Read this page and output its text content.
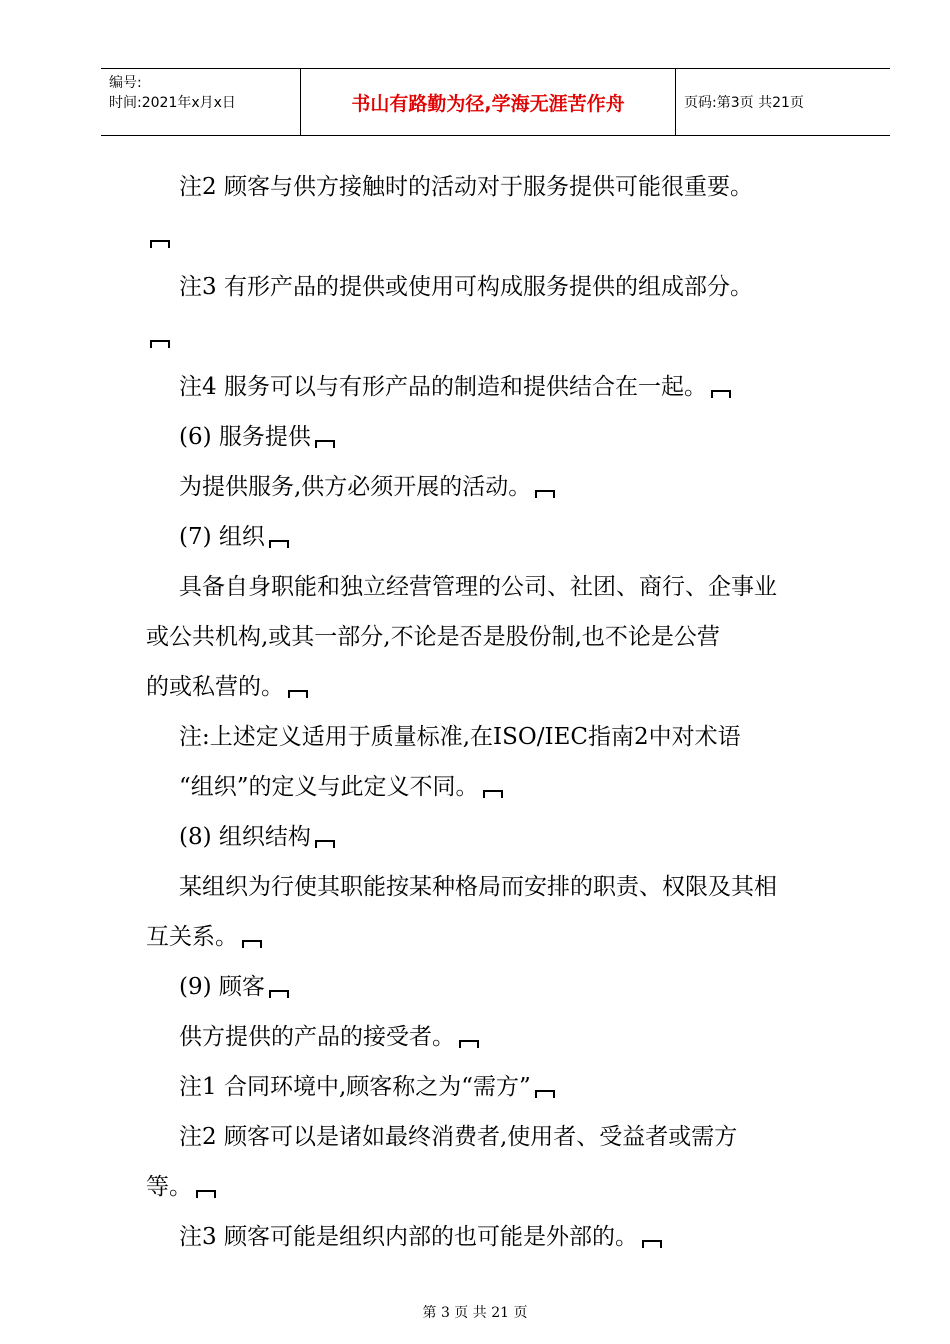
编号:
时间:2021年x月x日	书山有路勤为径,学海无涯苦作舟	页码:第3页 共21页
注2 顾客与供方接触时的活动对于服务提供可能很重要。
注3 有形产品的提供或使用可构成服务提供的组成部分。
注4 服务可以与有形产品的制造和提供结合在一起。
(6) 服务提供
为提供服务,供方必须开展的活动。
(7) 组织
具备自身职能和独立经营管理的公司、社团、商行、企事业
或公共机构,或其一部分,不论是否是股份制,也不论是公营
的或私营的。
注:上述定义适用于质量标准,在ISO/IEC指南2中对术语
“组织”的定义与此定义不同。
(8) 组织结构
某组织为行使其职能按某种格局而安排的职责、权限及其相
互关系。
(9) 顾客
供方提供的产品的接受者。
注1 合同环境中,顾客称之为“需方”
注2 顾客可以是诸如最终消费者,使用者、受益者或需方
等。
注3 顾客可能是组织内部的也可能是外部的。
第 3 页 共 21 页
